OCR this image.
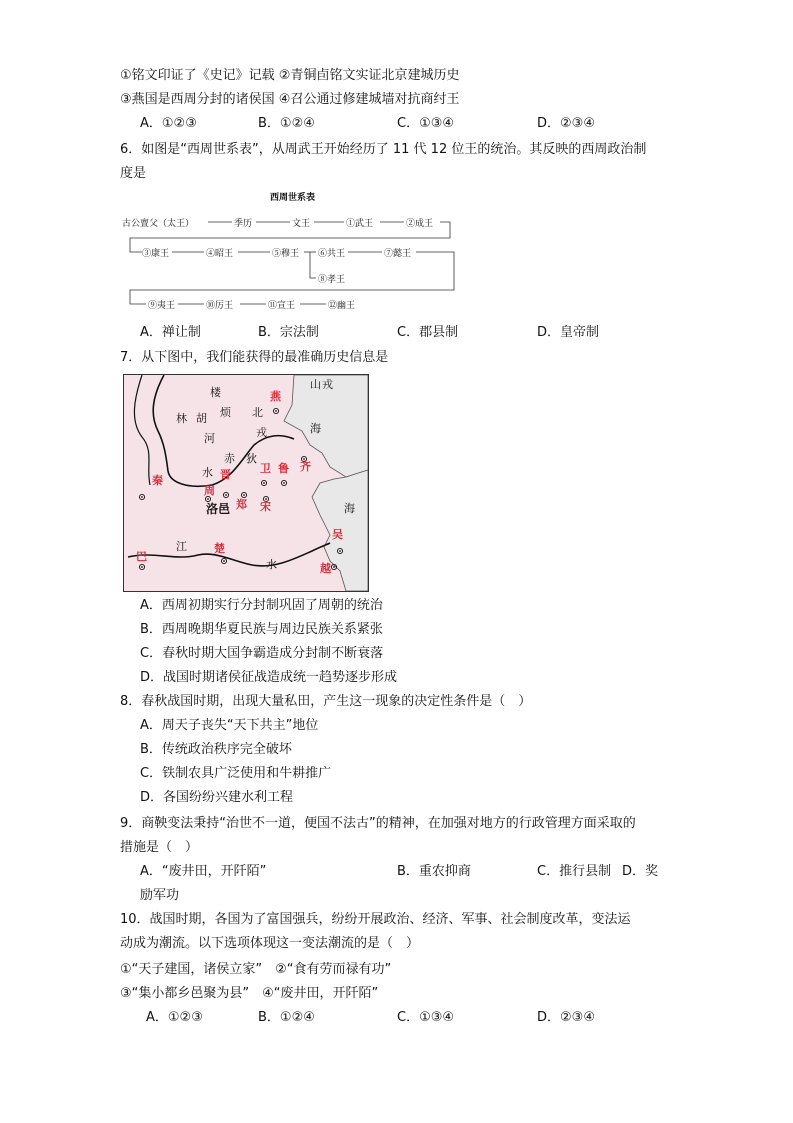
①铭文印证了《史记》记载 ②青铜卣铭文实证北京建城历史
③燕国是西周分封的诸侯国 ④召公通过修建城墙对抗商纣王
A．①②③	B．①②④	C．①③④	D．②③④
6．如图是“西周世系表”，从周武王开始经历了 11 代 12 位王的统治。其反映的西周政治制
度是
西周世系表
古公亶父（太王）	季历	文王	①武王	②成王
③康王	④昭王	⑤穆王 ⑥共王	⑦懿王
⑧孝王
⑨夷王	⑩厉王	⑪宣王	⑫幽王
A．禅让制	B．宗法制	C．郡县制	D．皇帝制
7．从下图中，我们能获得的最准确历史信息是
楼
林 胡 烦 北
戎
河
赤 狄
水
山 戎
海
海
江
水
燕
秦	晋	卫 鲁 齐
周
郑 宋
巴
楚
吴
越
洛邑
A．西周初期实行分封制巩固了周朝的统治
B．西周晚期华夏民族与周边民族关系紧张
C．春秋时期大国争霸造成分封制不断衰落
D．战国时期诸侯征战造成统一趋势逐步形成
8．春秋战国时期，出现大量私田，产生这一现象的决定性条件是（　）
A．周天子丧失“天下共主”地位
B．传统政治秩序完全破坏
C．铁制农具广泛使用和牛耕推广
D．各国纷纷兴建水利工程
9．商鞅变法秉持“治世不一道，便国不法古”的精神，在加强对地方的行政管理方面采取的
措施是（　）
A．“废井田，开阡陌”	B．重农抑商	C．推行县制 D．奖
励军功
10．战国时期，各国为了富国强兵，纷纷开展政治、经济、军事、社会制度改革，变法运
动成为潮流。以下选项体现这一变法潮流的是（　）
①“天子建国，诸侯立家”　②“食有劳而禄有功”
③“集小都乡邑聚为县”　④“废井田，开阡陌”
A．①②③	B．①②④	C．①③④	D．②③④
